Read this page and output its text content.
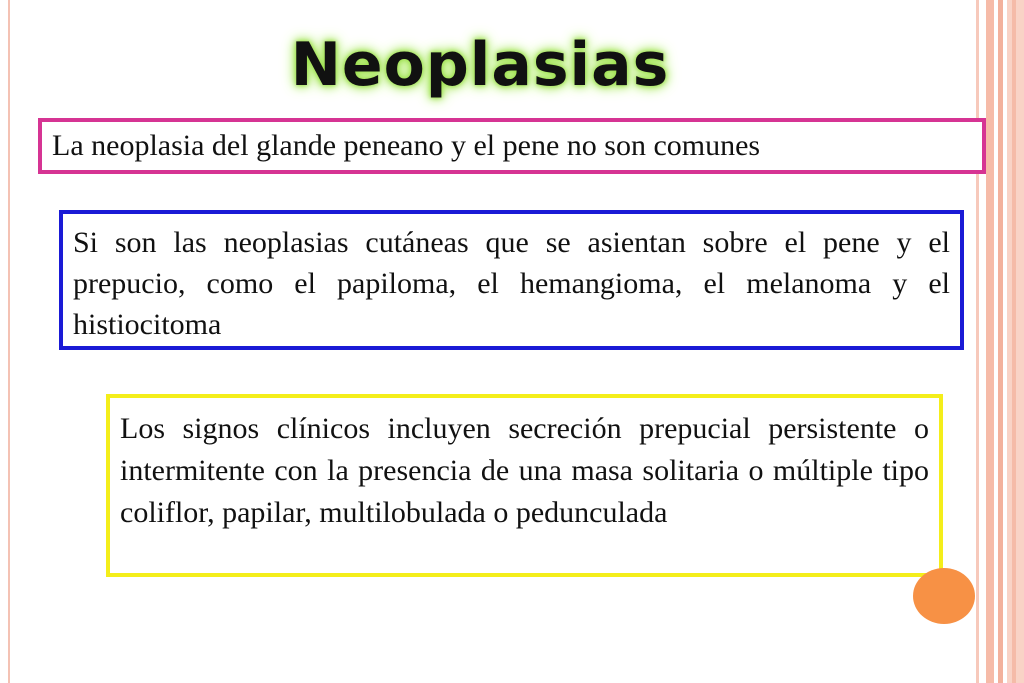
Neoplasias
La neoplasia del glande peneano y el pene no son comunes
Si son las neoplasias cutáneas que se asientan sobre el pene y el prepucio, como el papiloma, el hemangioma, el melanoma y el histiocitoma
Los signos clínicos incluyen secreción prepucial persistente o intermitente con la presencia de una masa solitaria o múltiple tipo coliflor, papilar, multilobulada o pedunculada
